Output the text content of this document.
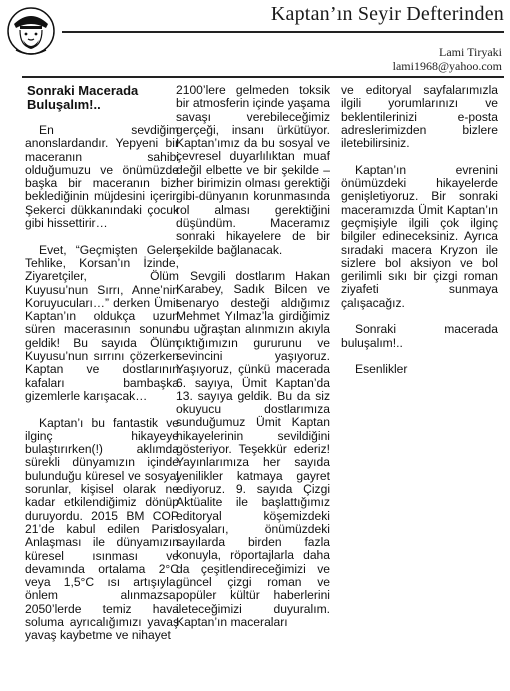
Kaptan’ın Seyir Defterinden
Lami Tiryaki
lami1968@yahoo.com
Sonraki Macerada Buluşalım!..

En sevdiğim anonslardandır. Yepyeni bir maceranın sahibi olduğumuzu ve önümüzde başka bir maceranın bizi beklediğinin müjdesini içerir. Şekerci dükkanındaki çocuk gibi hissettirir…

Evet, “Geçmişten Gelen Tehlike, Korsan’ın İzinde, Ziyaretçiler, Ölüm Kuyusu’nun Sırrı, Anne’nin Koruyucuları…” derken Ümit Kaptan’ın oldukça uzun süren macerasının sonuna geldik! Bu sayıda Ölüm Kuyusu’nun sırrını çözerken Kaptan ve dostlarının kafaları bambaşka gizemlerle karışacak…

Kaptan’ı bu fantastik ve ilginç hikayeye bulaştırırken(!) aklımda sürekli dünyamızın içinde bulunduğu küresel ve sosyal sorunlar, kişisel olarak ne kadar etkilendiğimiz dönüp duruyordu. 2015 BM COP 21’de kabul edilen Paris Anlaşması ile dünyamızın küresel ısınması ve devamında ortalama 2°C veya 1,5°C ısı artışıyla, önlem alınmazsa, 2050’lerde temiz hava soluma ayrıcalığımızı yavaş yavaş kaybetme ve nihayet

2100’lere gelmeden toksik bir atmosferin içinde yaşama savaşı verebileceğimiz gerçeği, insanı ürkütüyor. Kaptan’ımız da bu sosyal ve çevresel duyarlılıktan muaf değil elbette ve bir şekilde –her birimizin olması gerektiği gibi-dünyanın korunmasında rol alması gerektiğini düşündüm. Maceramız sonraki hikayelere de bir şekilde bağlanacak.

Sevgili dostlarım Hakan Karabey, Sadık Bilcen ve senaryo desteği aldığımız Mehmet Yılmaz’la girdiğimiz bu uğraştan alınmızın akıyla çıktığımızın gururunu ve sevincini yaşıyoruz. Yaşıyoruz, çünkü macerada 6. sayıya, Ümit Kaptan’da 13. sayıya geldik. Bu da siz okuyucu dostlarımıza sunduğumuz Ümit Kaptan hikayelerinin sevildiğini gösteriyor. Teşekkür ederiz! Yayınlarımıza her sayıda yenilikler katmaya gayret ediyoruz. 9. sayıda Çizgi Aktüalite ile başlattığımız editoryal köşemizdeki dosyaları, önümüzdeki sayılarda birden fazla konuyla, röportajlarla daha da çeşitlendireceğimizi ve güncel çizgi roman ve popüler kültür haberlerini ileteceğimizi duyuralım. Kaptan’ın maceraları

ve editoryal sayfalarımızla ilgili yorumlarınızı ve beklentilerinizi e-posta adreslerimizden bizlere iletebilirsiniz.

Kaptan’ın evrenini önümüzdeki hikayelerde genişletiyoruz. Bir sonraki maceramızda Ümit Kaptan’ın geçmişiyle ilgili çok ilginç bilgiler edineceksiniz. Ayrıca sıradaki macera Kryzon ile sizlere bol aksiyon ve bol gerilimli sıkı bir çizgi roman ziyafeti sunmaya çalışacağız.

Sonraki macerada buluşalım!..

Esenlikler
